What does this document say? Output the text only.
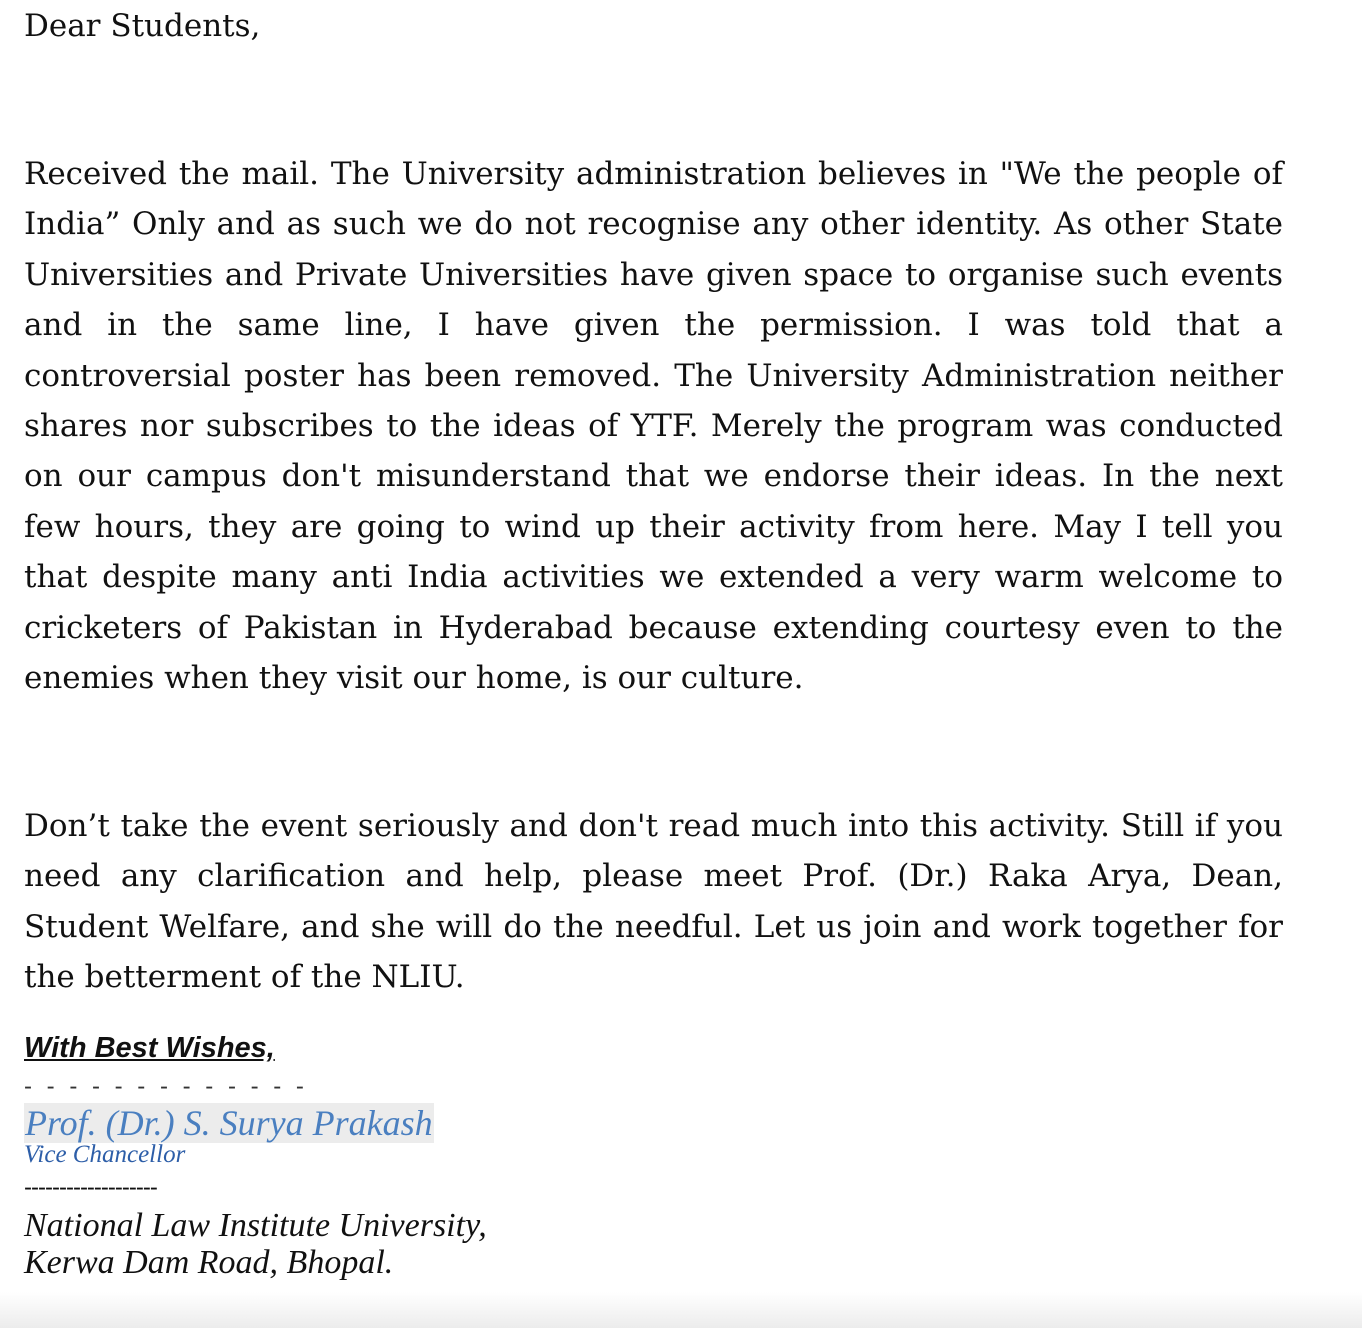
Dear Students,

Received the mail. The University administration believes in "We the people of India” Only and as such we do not recognise any other identity. As other State Universities and Private Universities have given space to organise such events and in the same line, I have given the permission. I was told that a controversial poster has been removed. The University Administration neither shares nor subscribes to the ideas of YTF. Merely the program was conducted on our campus don't misunderstand that we endorse their ideas. In the next few hours, they are going to wind up their activity from here. May I tell you that despite many anti India activities we extended a very warm welcome to cricketers of Pakistan in Hyderabad because extending courtesy even to the enemies when they visit our home, is our culture.

Don’t take the event seriously and don't read much into this activity. Still if you need any clarification and help, please meet Prof. (Dr.) Raka Arya, Dean, Student Welfare, and she will do the needful. Let us join and work together for the betterment of the NLIU.

With Best Wishes,
- - - - - - - - - - - - -
Prof. (Dr.) S. Surya Prakash
Vice Chancellor
-------------------
National Law Institute University,
Kerwa Dam Road, Bhopal.
